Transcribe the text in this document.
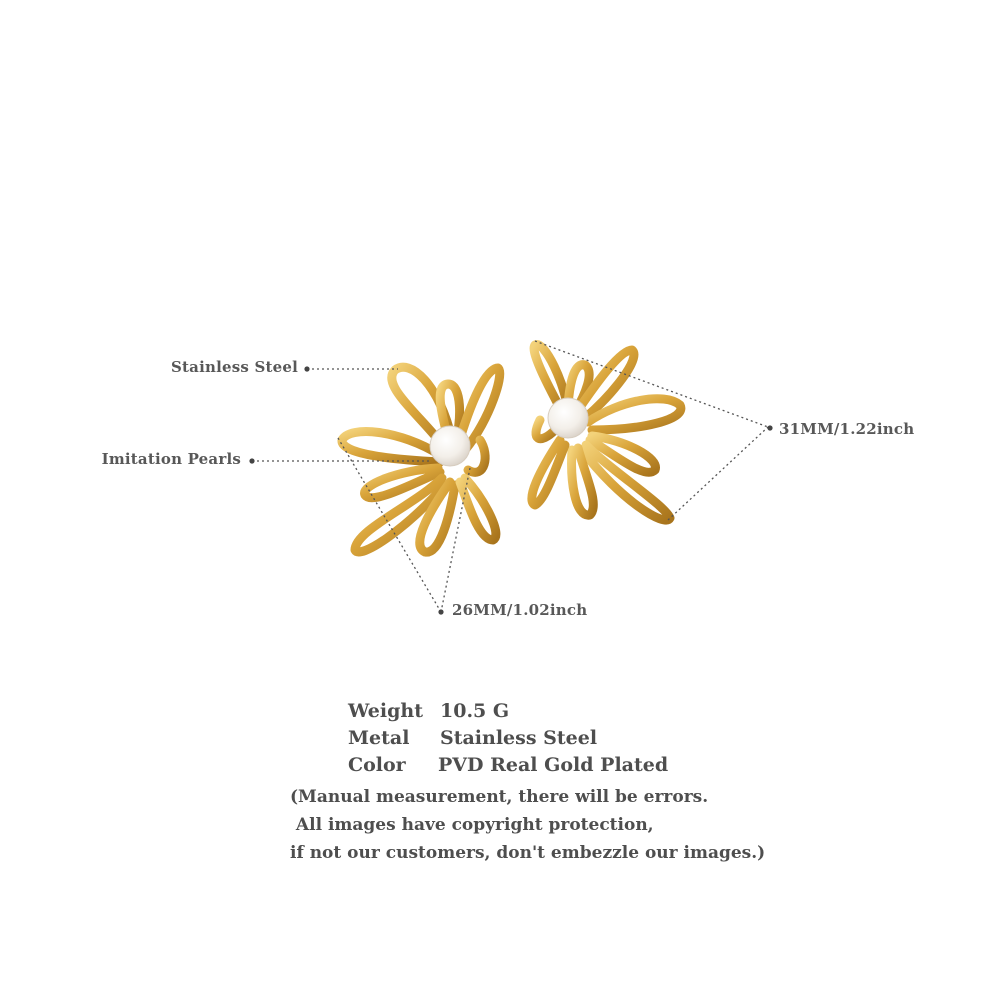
Stainless Steel
Imitation Pearls
31MM/1.22inch
26MM/1.02inch
Weight 10.5 G
Metal Stainless Steel
Color PVD Real Gold Plated
(Manual measurement, there will be errors.
All images have copyright protection,
if not our customers, don't embezzle our images.)
